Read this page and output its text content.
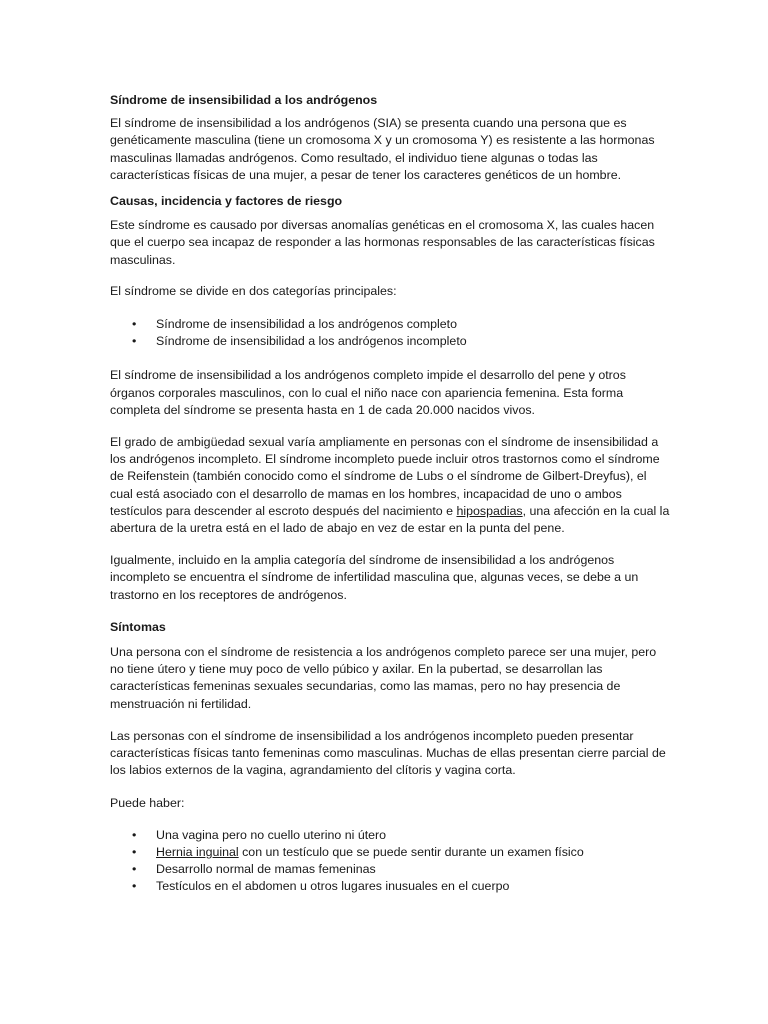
Síndrome de insensibilidad a los andrógenos

El síndrome de insensibilidad a los andrógenos (SIA) se presenta cuando una persona que es genéticamente masculina (tiene un cromosoma X y un cromosoma Y) es resistente a las hormonas masculinas llamadas andrógenos. Como resultado, el individuo tiene algunas o todas las características físicas de una mujer, a pesar de tener los caracteres genéticos de un hombre.

Causas, incidencia y factores de riesgo

Este síndrome es causado por diversas anomalías genéticas en el cromosoma X, las cuales hacen que el cuerpo sea incapaz de responder a las hormonas responsables de las características físicas masculinas.

El síndrome se divide en dos categorías principales:

• Síndrome de insensibilidad a los andrógenos completo
• Síndrome de insensibilidad a los andrógenos incompleto

El síndrome de insensibilidad a los andrógenos completo impide el desarrollo del pene y otros órganos corporales masculinos, con lo cual el niño nace con apariencia femenina. Esta forma completa del síndrome se presenta hasta en 1 de cada 20.000 nacidos vivos.

El grado de ambigüedad sexual varía ampliamente en personas con el síndrome de insensibilidad a los andrógenos incompleto. El síndrome incompleto puede incluir otros trastornos como el síndrome de Reifenstein (también conocido como el síndrome de Lubs o el síndrome de Gilbert-Dreyfus), el cual está asociado con el desarrollo de mamas en los hombres, incapacidad de uno o ambos testículos para descender al escroto después del nacimiento e hipospadias, una afección en la cual la abertura de la uretra está en el lado de abajo en vez de estar en la punta del pene.

Igualmente, incluido en la amplia categoría del síndrome de insensibilidad a los andrógenos incompleto se encuentra el síndrome de infertilidad masculina que, algunas veces, se debe a un trastorno en los receptores de andrógenos.

Síntomas

Una persona con el síndrome de resistencia a los andrógenos completo parece ser una mujer, pero no tiene útero y tiene muy poco de vello púbico y axilar. En la pubertad, se desarrollan las características femeninas sexuales secundarias, como las mamas, pero no hay presencia de menstruación ni fertilidad.

Las personas con el síndrome de insensibilidad a los andrógenos incompleto pueden presentar características físicas tanto femeninas como masculinas. Muchas de ellas presentan cierre parcial de los labios externos de la vagina, agrandamiento del clítoris y vagina corta.

Puede haber:

• Una vagina pero no cuello uterino ni útero
• Hernia inguinal con un testículo que se puede sentir durante un examen físico
• Desarrollo normal de mamas femeninas
• Testículos en el abdomen u otros lugares inusuales en el cuerpo
